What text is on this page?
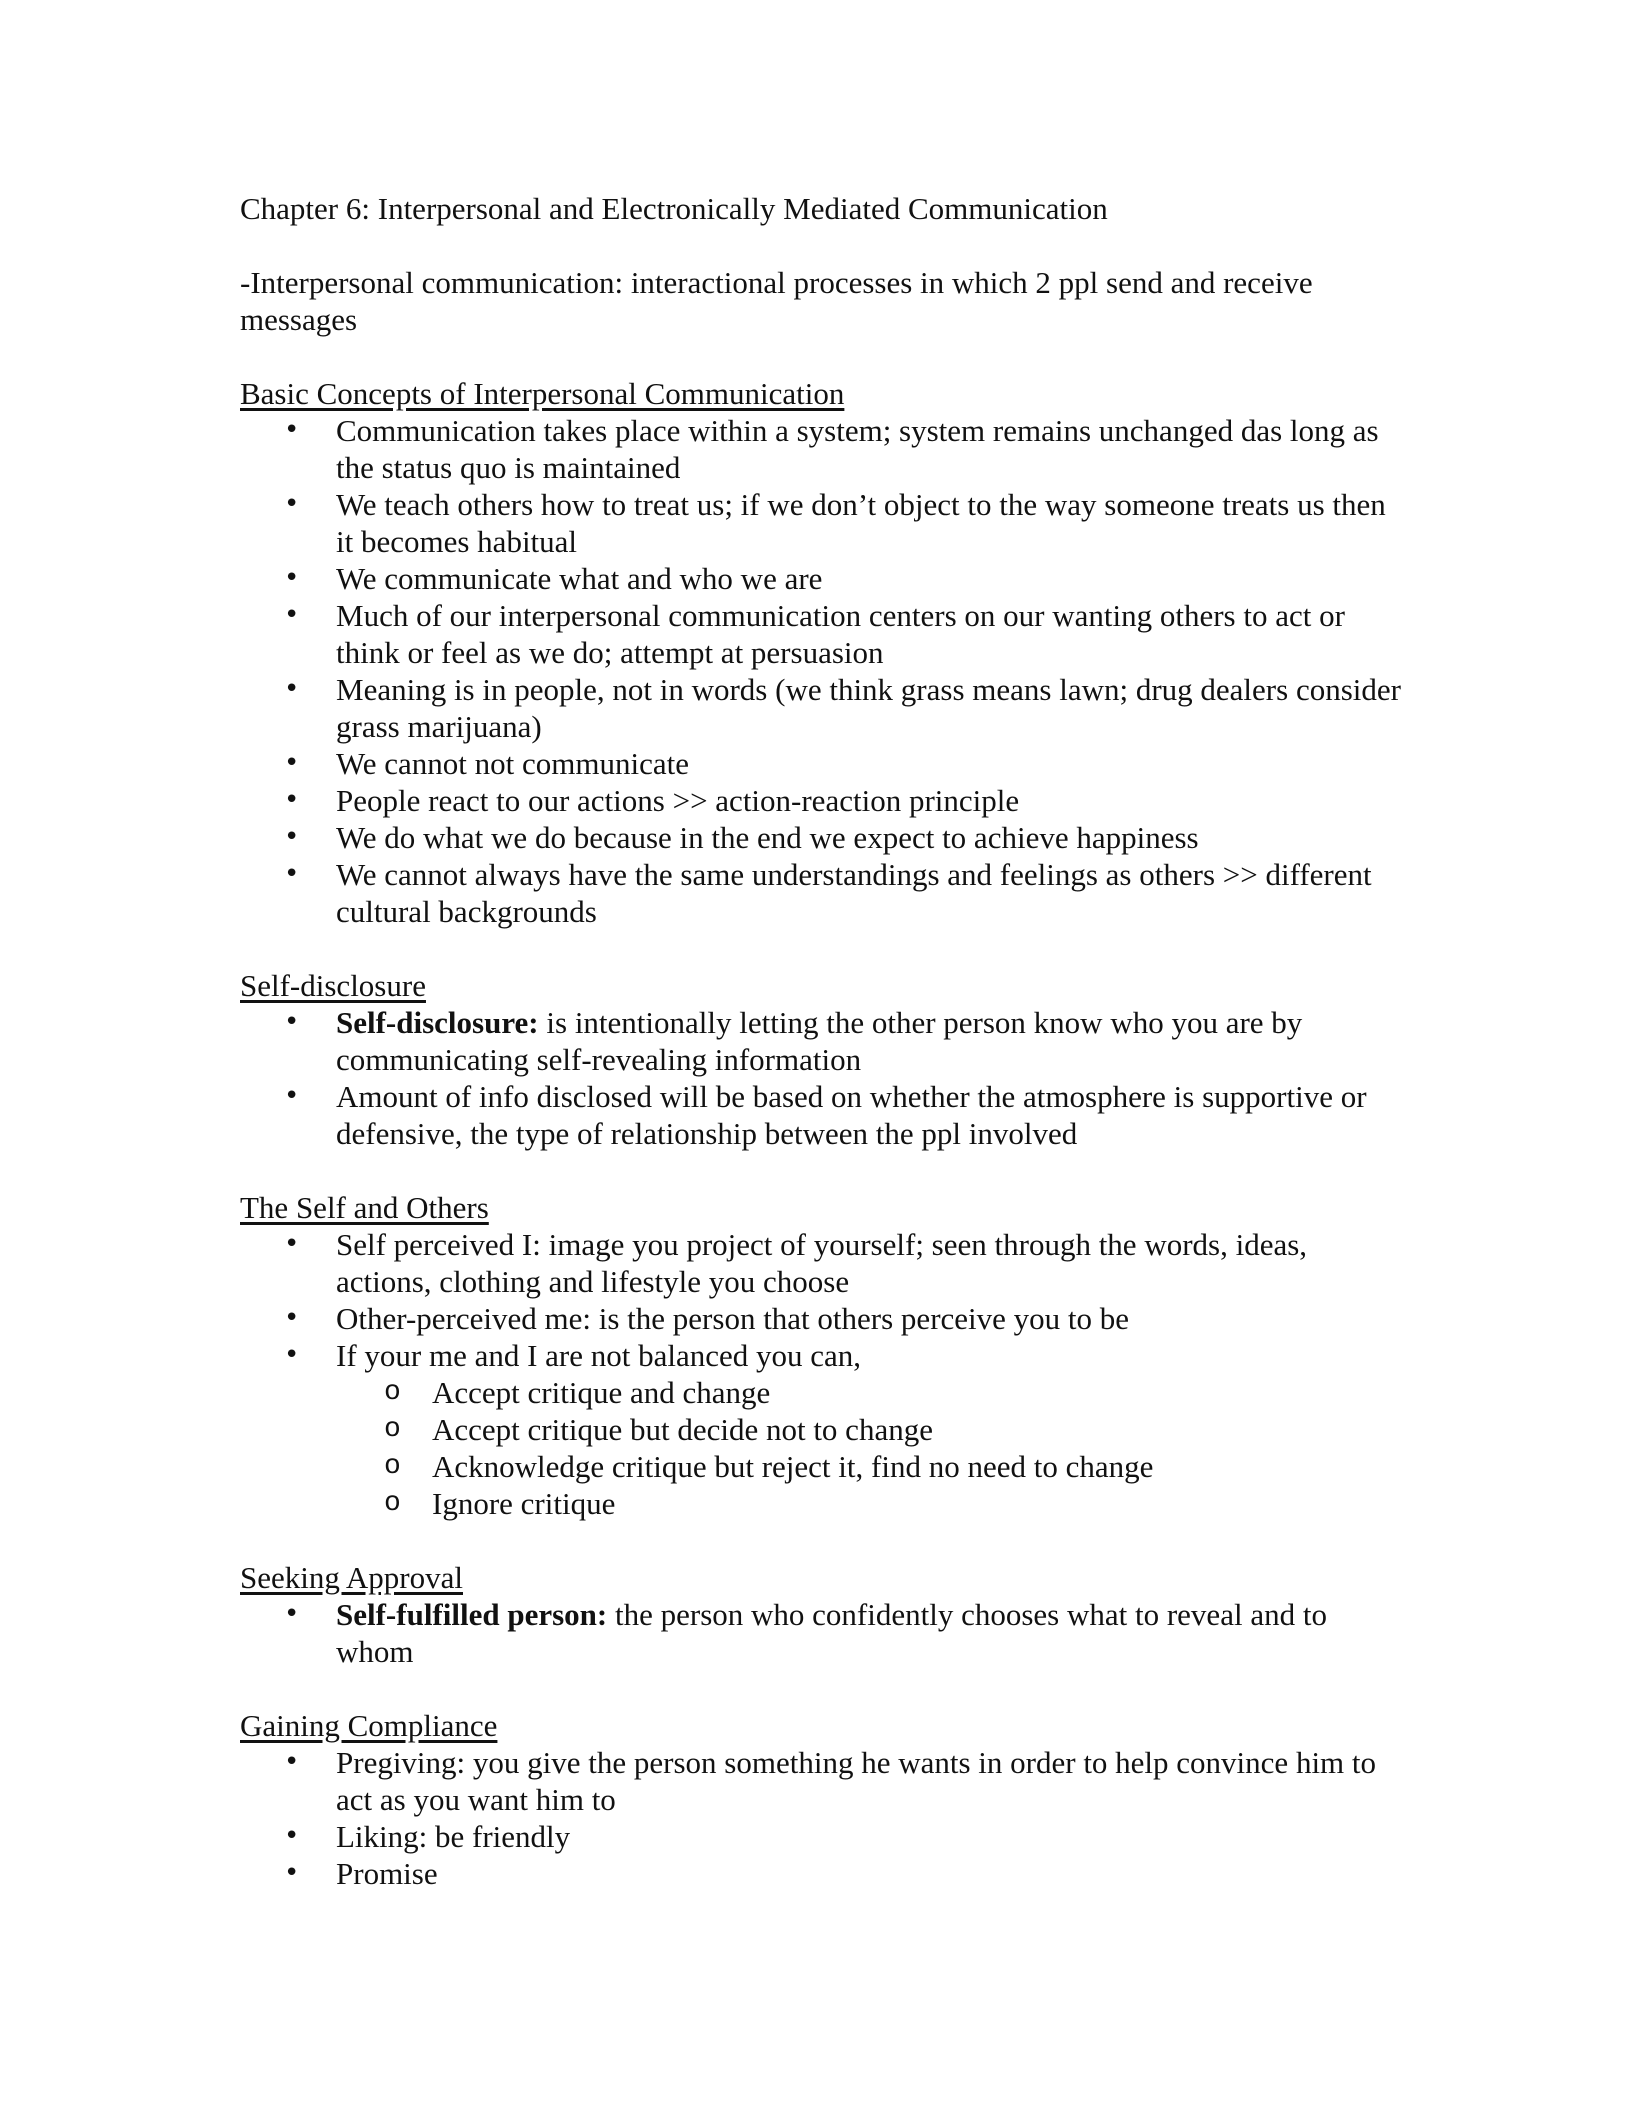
Chapter 6: Interpersonal and Electronically Mediated Communication

-Interpersonal communication: interactional processes in which 2 ppl send and receive messages

Basic Concepts of Interpersonal Communication
• Communication takes place within a system; system remains unchanged das long as the status quo is maintained
• We teach others how to treat us; if we don’t object to the way someone treats us then it becomes habitual
• We communicate what and who we are
• Much of our interpersonal communication centers on our wanting others to act or think or feel as we do; attempt at persuasion
• Meaning is in people, not in words (we think grass means lawn; drug dealers consider grass marijuana)
• We cannot not communicate
• People react to our actions >> action-reaction principle
• We do what we do because in the end we expect to achieve happiness
• We cannot always have the same understandings and feelings as others >> different cultural backgrounds
Self-disclosure
• Self-disclosure: is intentionally letting the other person know who you are by communicating self-revealing information
• Amount of info disclosed will be based on whether the atmosphere is supportive or defensive, the type of relationship between the ppl involved
The Self and Others
• Self perceived I: image you project of yourself; seen through the words, ideas, actions, clothing and lifestyle you choose
• Other-perceived me: is the person that others perceive you to be
• If your me and I are not balanced you can,
o Accept critique and change
o Accept critique but decide not to change
o Acknowledge critique but reject it, find no need to change
o Ignore critique
Seeking Approval
• Self-fulfilled person: the person who confidently chooses what to reveal and to whom
Gaining Compliance
• Pregiving: you give the person something he wants in order to help convince him to act as you want him to
• Liking: be friendly
• Promise
